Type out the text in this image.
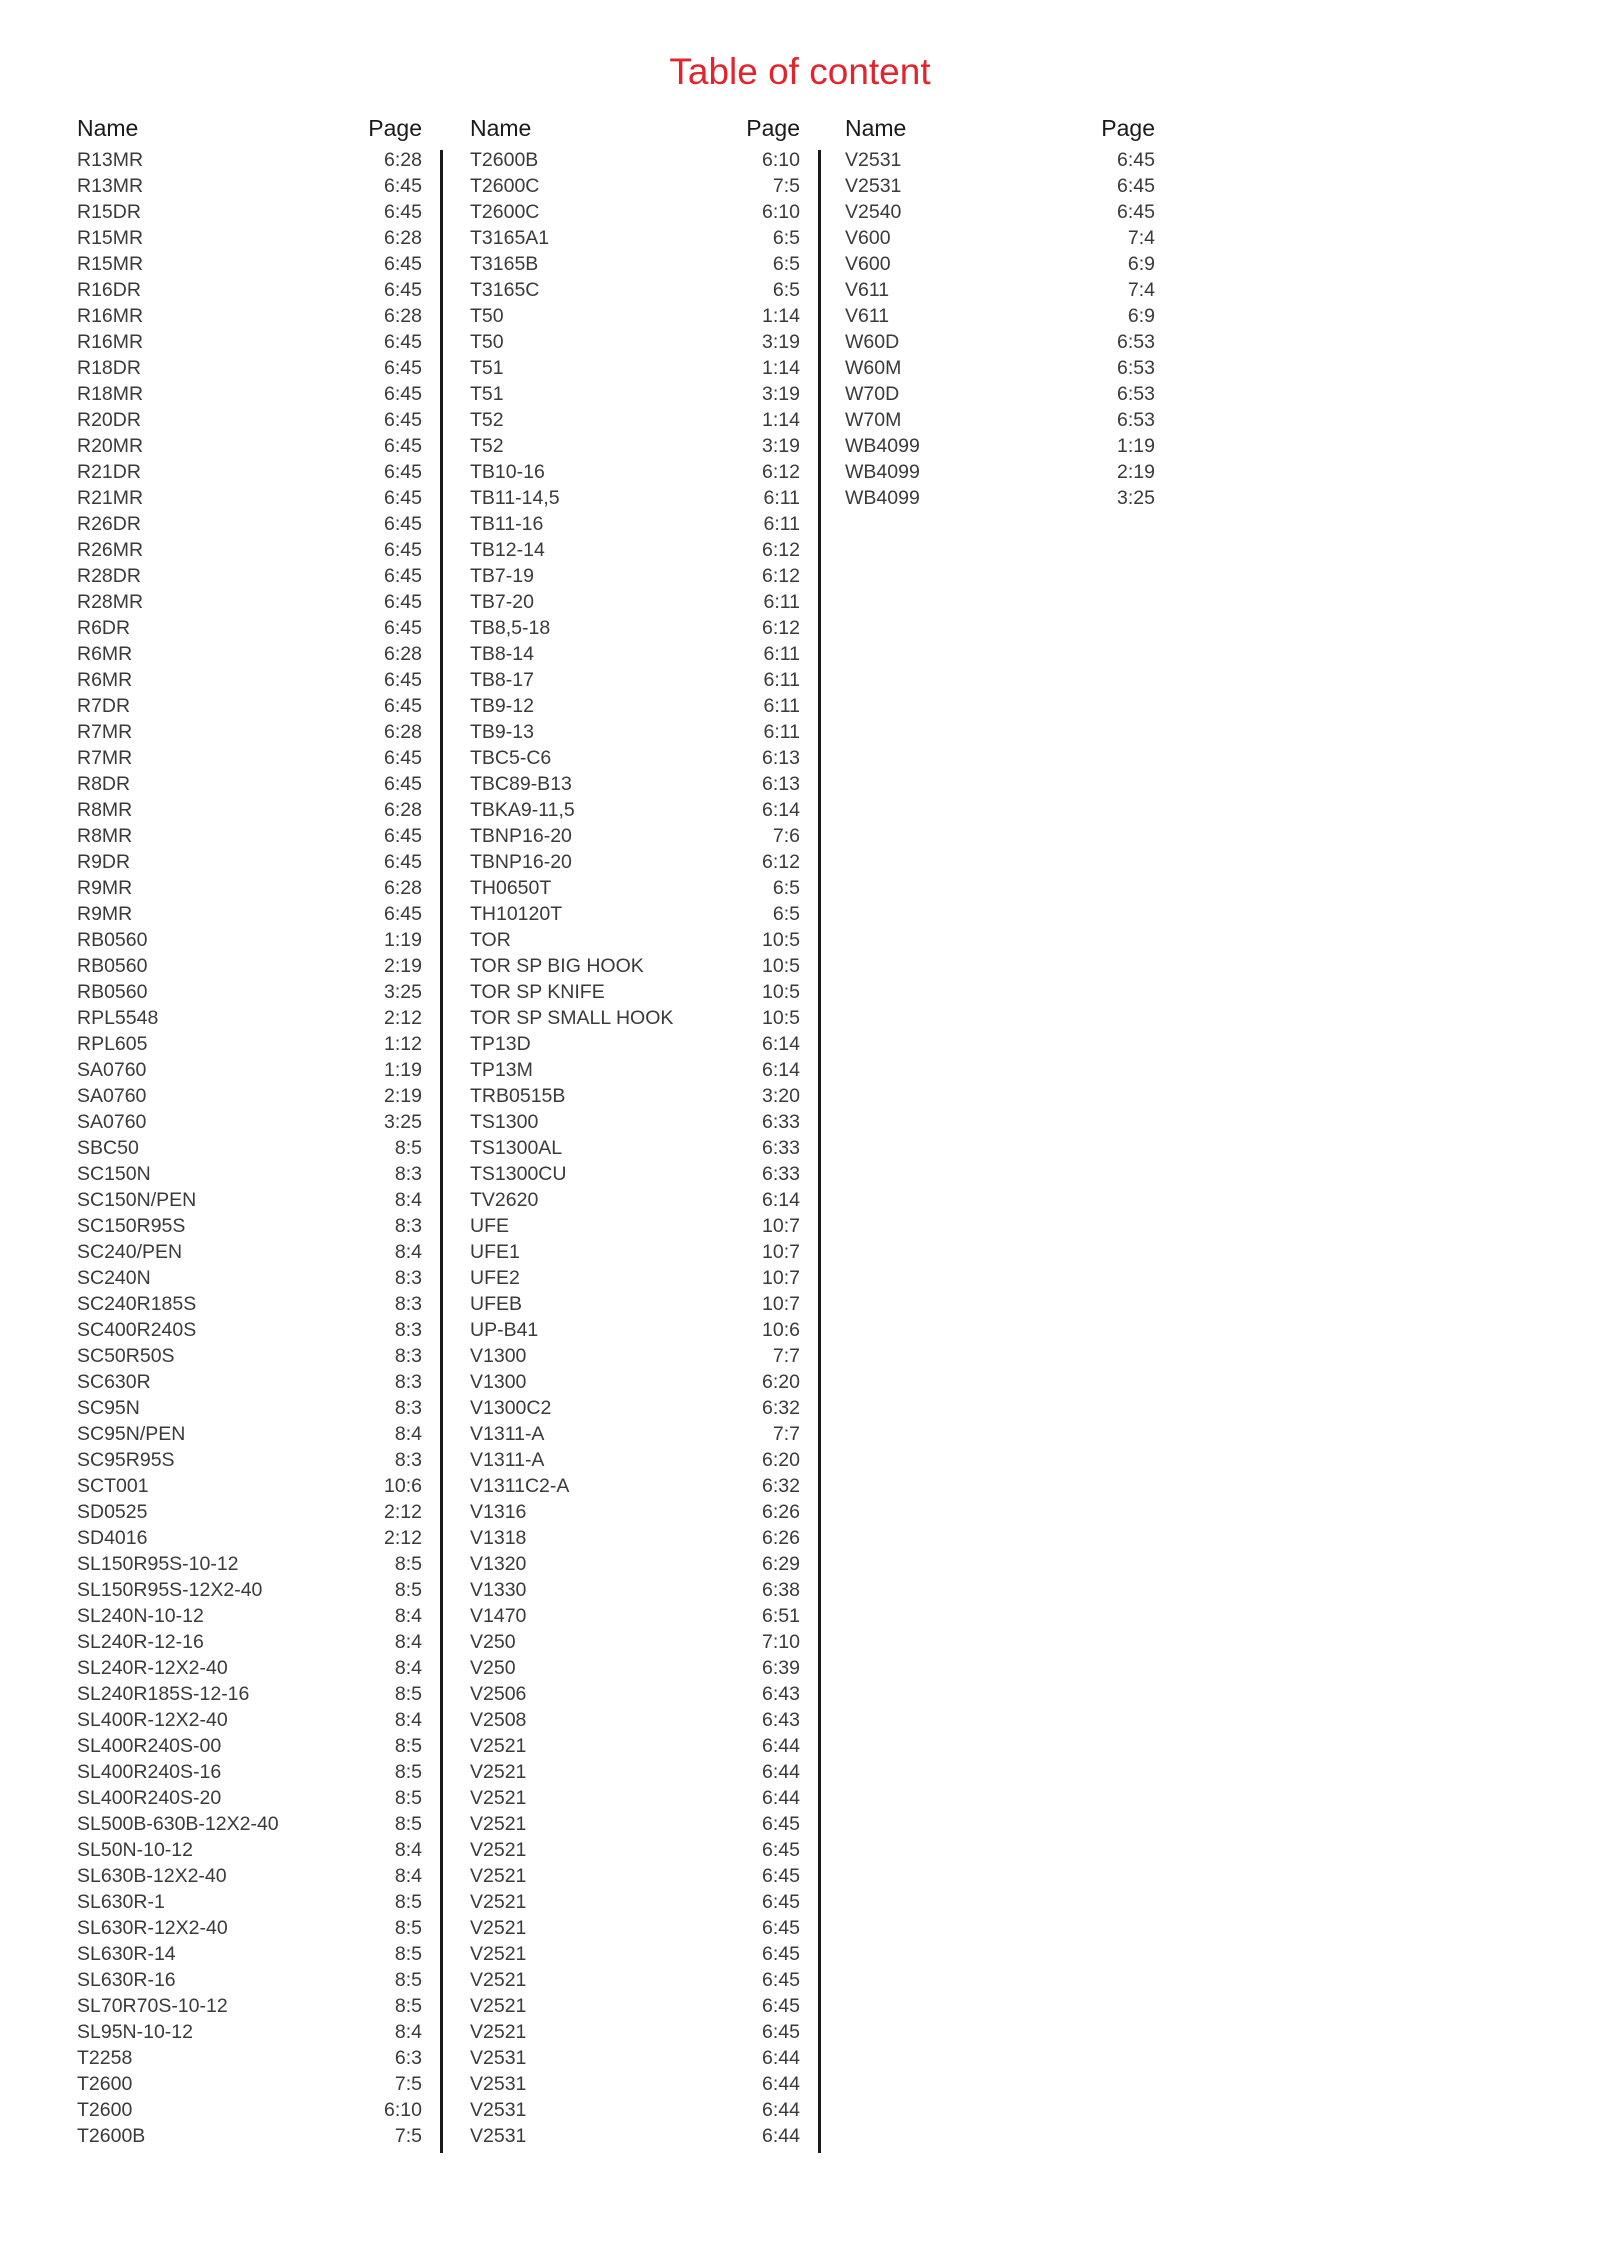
Table of content
Name	Page
R13MR	6:28
R13MR	6:45
R15DR	6:45
R15MR	6:28
R15MR	6:45
R16DR	6:45
R16MR	6:28
R16MR	6:45
R18DR	6:45
R18MR	6:45
R20DR	6:45
R20MR	6:45
R21DR	6:45
R21MR	6:45
R26DR	6:45
R26MR	6:45
R28DR	6:45
R28MR	6:45
R6DR	6:45
R6MR	6:28
R6MR	6:45
R7DR	6:45
R7MR	6:28
R7MR	6:45
R8DR	6:45
R8MR	6:28
R8MR	6:45
R9DR	6:45
R9MR	6:28
R9MR	6:45
RB0560	1:19
RB0560	2:19
RB0560	3:25
RPL5548	2:12
RPL605	1:12
SA0760	1:19
SA0760	2:19
SA0760	3:25
SBC50	8:5
SC150N	8:3
SC150N/PEN	8:4
SC150R95S	8:3
SC240/PEN	8:4
SC240N	8:3
SC240R185S	8:3
SC400R240S	8:3
SC50R50S	8:3
SC630R	8:3
SC95N	8:3
SC95N/PEN	8:4
SC95R95S	8:3
SCT001	10:6
SD0525	2:12
SD4016	2:12
SL150R95S-10-12	8:5
SL150R95S-12X2-40	8:5
SL240N-10-12	8:4
SL240R-12-16	8:4
SL240R-12X2-40	8:4
SL240R185S-12-16	8:5
SL400R-12X2-40	8:4
SL400R240S-00	8:5
SL400R240S-16	8:5
SL400R240S-20	8:5
SL500B-630B-12X2-40	8:5
SL50N-10-12	8:4
SL630B-12X2-40	8:4
SL630R-1	8:5
SL630R-12X2-40	8:5
SL630R-14	8:5
SL630R-16	8:5
SL70R70S-10-12	8:5
SL95N-10-12	8:4
T2258	6:3
T2600	7:5
T2600	6:10
T2600B	7:5
Name	Page
T2600B	6:10
T2600C	7:5
T2600C	6:10
T3165A1	6:5
T3165B	6:5
T3165C	6:5
T50	1:14
T50	3:19
T51	1:14
T51	3:19
T52	1:14
T52	3:19
TB10-16	6:12
TB11-14,5	6:11
TB11-16	6:11
TB12-14	6:12
TB7-19	6:12
TB7-20	6:11
TB8,5-18	6:12
TB8-14	6:11
TB8-17	6:11
TB9-12	6:11
TB9-13	6:11
TBC5-C6	6:13
TBC89-B13	6:13
TBKA9-11,5	6:14
TBNP16-20	7:6
TBNP16-20	6:12
TH0650T	6:5
TH10120T	6:5
TOR	10:5
TOR SP BIG HOOK	10:5
TOR SP KNIFE	10:5
TOR SP SMALL HOOK	10:5
TP13D	6:14
TP13M	6:14
TRB0515B	3:20
TS1300	6:33
TS1300AL	6:33
TS1300CU	6:33
TV2620	6:14
UFE	10:7
UFE1	10:7
UFE2	10:7
UFEB	10:7
UP-B41	10:6
V1300	7:7
V1300	6:20
V1300C2	6:32
V1311-A	7:7
V1311-A	6:20
V1311C2-A	6:32
V1316	6:26
V1318	6:26
V1320	6:29
V1330	6:38
V1470	6:51
V250	7:10
V250	6:39
V2506	6:43
V2508	6:43
V2521	6:44
V2521	6:44
V2521	6:44
V2521	6:45
V2521	6:45
V2521	6:45
V2521	6:45
V2521	6:45
V2521	6:45
V2521	6:45
V2521	6:45
V2521	6:45
V2531	6:44
V2531	6:44
V2531	6:44
V2531	6:44
Name	Page
V2531	6:45
V2531	6:45
V2540	6:45
V600	7:4
V600	6:9
V611	7:4
V611	6:9
W60D	6:53
W60M	6:53
W70D	6:53
W70M	6:53
WB4099	1:19
WB4099	2:19
WB4099	3:25
